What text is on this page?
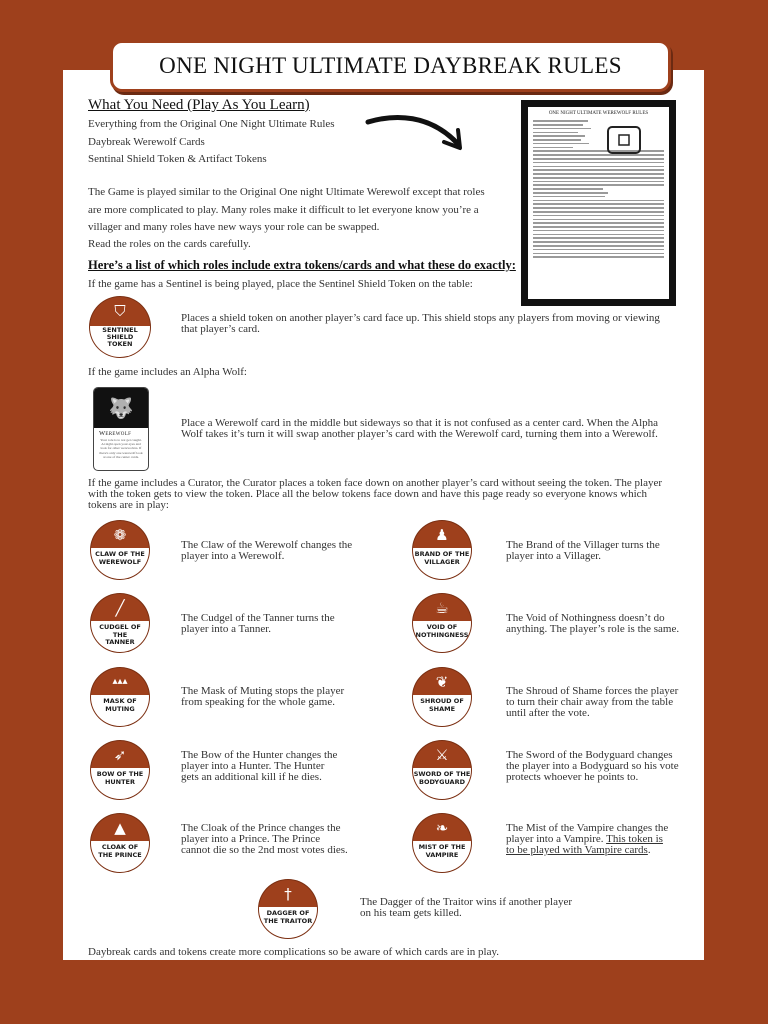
ONE NIGHT ULTIMATE DAYBREAK RULES
What You Need (Play As You Learn)
Everything from the Original One Night Ultimate Rules
Daybreak Werewolf Cards
Sentinal Shield Token & Artifact Tokens
ONE NIGHT ULTIMATE WEREWOLF RULES
The Game is played similar to the Original One night Ultimate Werewolf except that roles
are more complicated to play. Many roles make it difficult to let everyone know you’re a
villager and many roles have new ways your role can be swapped.
Read the roles on the cards carefully.
Here’s a list of which roles include extra tokens/cards and what these do exactly:
If the game has a Sentinel is being played, place the Sentinel Shield Token on the table:
⛉
SENTINEL
SHIELD
TOKEN
Places a shield token on another player’s card face up. This shield stops any players from moving or viewing
that player’s card.
If the game includes an Alpha Wolf:
🐺
Werewolf
Your role is to not get caught. At night open your eyes and look for other werewolves. If there's only one werewolf look at one of the center cards.
Place a Werewolf card in the middle but sideways so that it is not confused as a center card. When the Alpha
Wolf takes it’s turn it will swap another player’s card with the Werewolf card, turning them into a Werewolf.
If the game includes a Curator, the Curator places a token face down on another player’s card without seeing the token. The player
with the token gets to view the token. Place all the below tokens face down and have this page ready so everyone knows which
tokens are in play:
❁
CLAW OF THE
WEREWOLF
The Claw of the Werewolf changes the
player into a Werewolf.
╱
CUDGEL OF THE
TANNER
The Cudgel of the Tanner turns the
player into a Tanner.
▴▴▴
MASK OF
MUTING
The Mask of Muting stops the player
from speaking for the whole game.
➶
BOW OF THE
HUNTER
The Bow of the Hunter changes the
player into a Hunter. The Hunter
gets an additional kill if he dies.
▲
CLOAK OF
THE PRINCE
The Cloak of the Prince changes the
player into a Prince. The Prince
cannot die so the 2nd most votes dies.
♟
BRAND OF THE
VILLAGER
The Brand of the Villager turns the
player into a Villager.
☕
VOID OF
NOTHINGNESS
The Void of Nothingness doesn’t do
anything. The player’s role is the same.
❦
SHROUD OF
SHAME
The Shroud of Shame forces the player
to turn their chair away from the table
until after the vote.
⚔
SWORD OF THE
BODYGUARD
The Sword of the Bodyguard changes
the player into a Bodyguard so his vote
protects whoever he points to.
❧
MIST OF THE
VAMPIRE
The Mist of the Vampire changes the
player into a Vampire. This token is
to be played with Vampire cards.
†
DAGGER OF
THE TRAITOR
The Dagger of the Traitor wins if another player
on his team gets killed.
Daybreak cards and tokens create more complications so be aware of which cards are in play.
